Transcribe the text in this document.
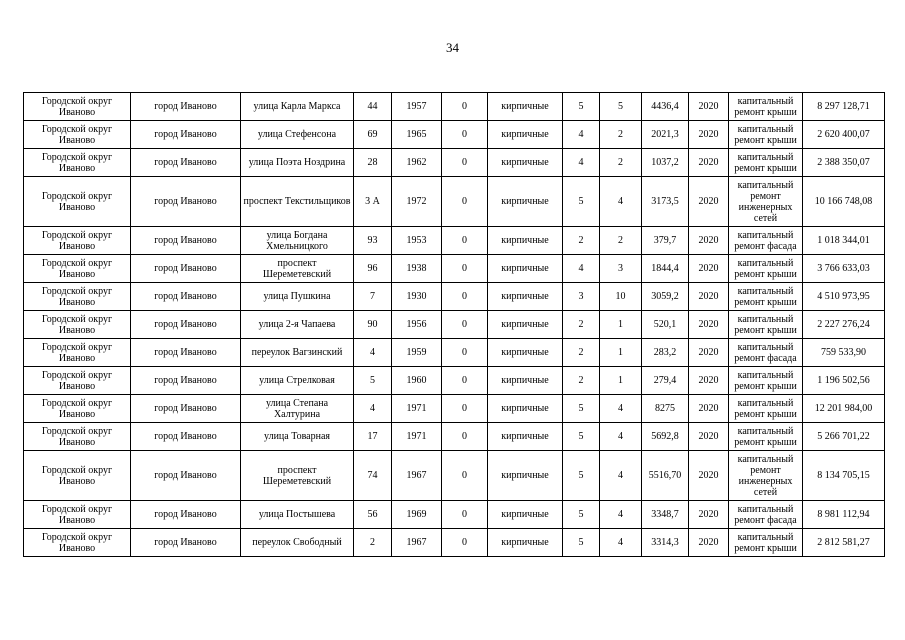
34
Городской округ Иваново	город Иваново	улица Карла Маркса	44	1957	0	кирпичные	5	5	4436,4	2020	капитальный ремонт крыши	8 297 128,71
Городской округ Иваново	город Иваново	улица Стефенсона	69	1965	0	кирпичные	4	2	2021,3	2020	капитальный ремонт крыши	2 620 400,07
Городской округ Иваново	город Иваново	улица Поэта Ноздрина	28	1962	0	кирпичные	4	2	1037,2	2020	капитальный ремонт крыши	2 388 350,07
Городской округ Иваново	город Иваново	проспект Текстильщиков	3 А	1972	0	кирпичные	5	4	3173,5	2020	капитальный ремонт инженерных сетей	10 166 748,08
Городской округ Иваново	город Иваново	улица Богдана Хмельницкого	93	1953	0	кирпичные	2	2	379,7	2020	капитальный ремонт фасада	1 018 344,01
Городской округ Иваново	город Иваново	проспект Шереметевский	96	1938	0	кирпичные	4	3	1844,4	2020	капитальный ремонт крыши	3 766 633,03
Городской округ Иваново	город Иваново	улица Пушкина	7	1930	0	кирпичные	3	10	3059,2	2020	капитальный ремонт крыши	4 510 973,95
Городской округ Иваново	город Иваново	улица 2-я Чапаева	90	1956	0	кирпичные	2	1	520,1	2020	капитальный ремонт крыши	2 227 276,24
Городской округ Иваново	город Иваново	переулок Вагзинский	4	1959	0	кирпичные	2	1	283,2	2020	капитальный ремонт фасада	759 533,90
Городской округ Иваново	город Иваново	улица Стрелковая	5	1960	0	кирпичные	2	1	279,4	2020	капитальный ремонт крыши	1 196 502,56
Городской округ Иваново	город Иваново	улица Степана Халтурина	4	1971	0	кирпичные	5	4	8275	2020	капитальный ремонт крыши	12 201 984,00
Городской округ Иваново	город Иваново	улица Товарная	17	1971	0	кирпичные	5	4	5692,8	2020	капитальный ремонт крыши	5 266 701,22
Городской округ Иваново	город Иваново	проспект Шереметевский	74	1967	0	кирпичные	5	4	5516,70	2020	капитальный ремонт инженерных сетей	8 134 705,15
Городской округ Иваново	город Иваново	улица Постышева	56	1969	0	кирпичные	5	4	3348,7	2020	капитальный ремонт фасада	8 981 112,94
Городской округ Иваново	город Иваново	переулок Свободный	2	1967	0	кирпичные	5	4	3314,3	2020	капитальный ремонт крыши	2 812 581,27
